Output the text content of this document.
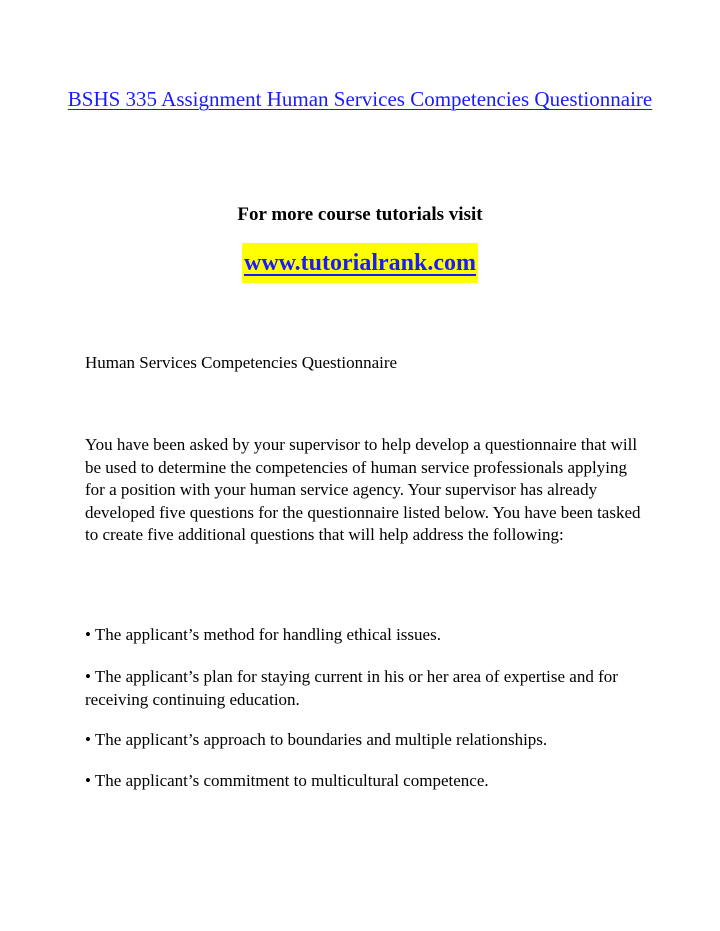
BSHS 335 Assignment Human Services Competencies Questionnaire
For more course tutorials visit
www.tutorialrank.com
Human Services Competencies Questionnaire
You have been asked by your supervisor to help develop a questionnaire that will be used to determine the competencies of human service professionals applying for a position with your human service agency. Your supervisor has already developed five questions for the questionnaire listed below. You have been tasked to create five additional questions that will help address the following:
• The applicant’s method for handling ethical issues.
• The applicant’s plan for staying current in his or her area of expertise and for receiving continuing education.
• The applicant’s approach to boundaries and multiple relationships.
• The applicant’s commitment to multicultural competence.
